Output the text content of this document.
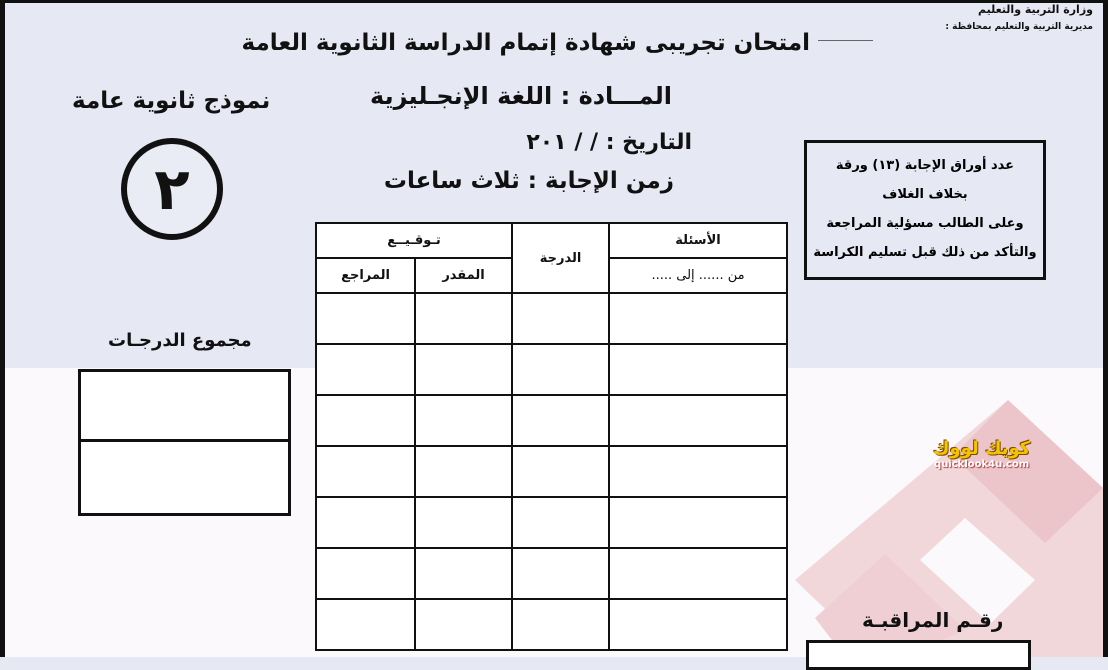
وزارة التربية والتعليم
مديرية التربية والتعليم بمحافظة :
امتحان تجريبى شهادة إتمام الدراسة الثانوية العامة
المـــادة : اللغة الإنجـليزية
التاريخ : / / ٢٠١
زمن الإجابة : ثلاث ساعات
نموذج ثانوية عامة
٢	عدد أوراق الإجابة (١٣) ورقة
بخلاف الغلاف
وعلى الطالب مسؤلية المراجعة
والتأكد من ذلك قبل تسليم الكراسة
الأسئلة	الدرجة	تـوقـيــع	
من ...... إلى .....		المقدر	المراجع

مجموع الدرجـات
كويك لووك
quicklook4u.com
رقـم المراقبـة
